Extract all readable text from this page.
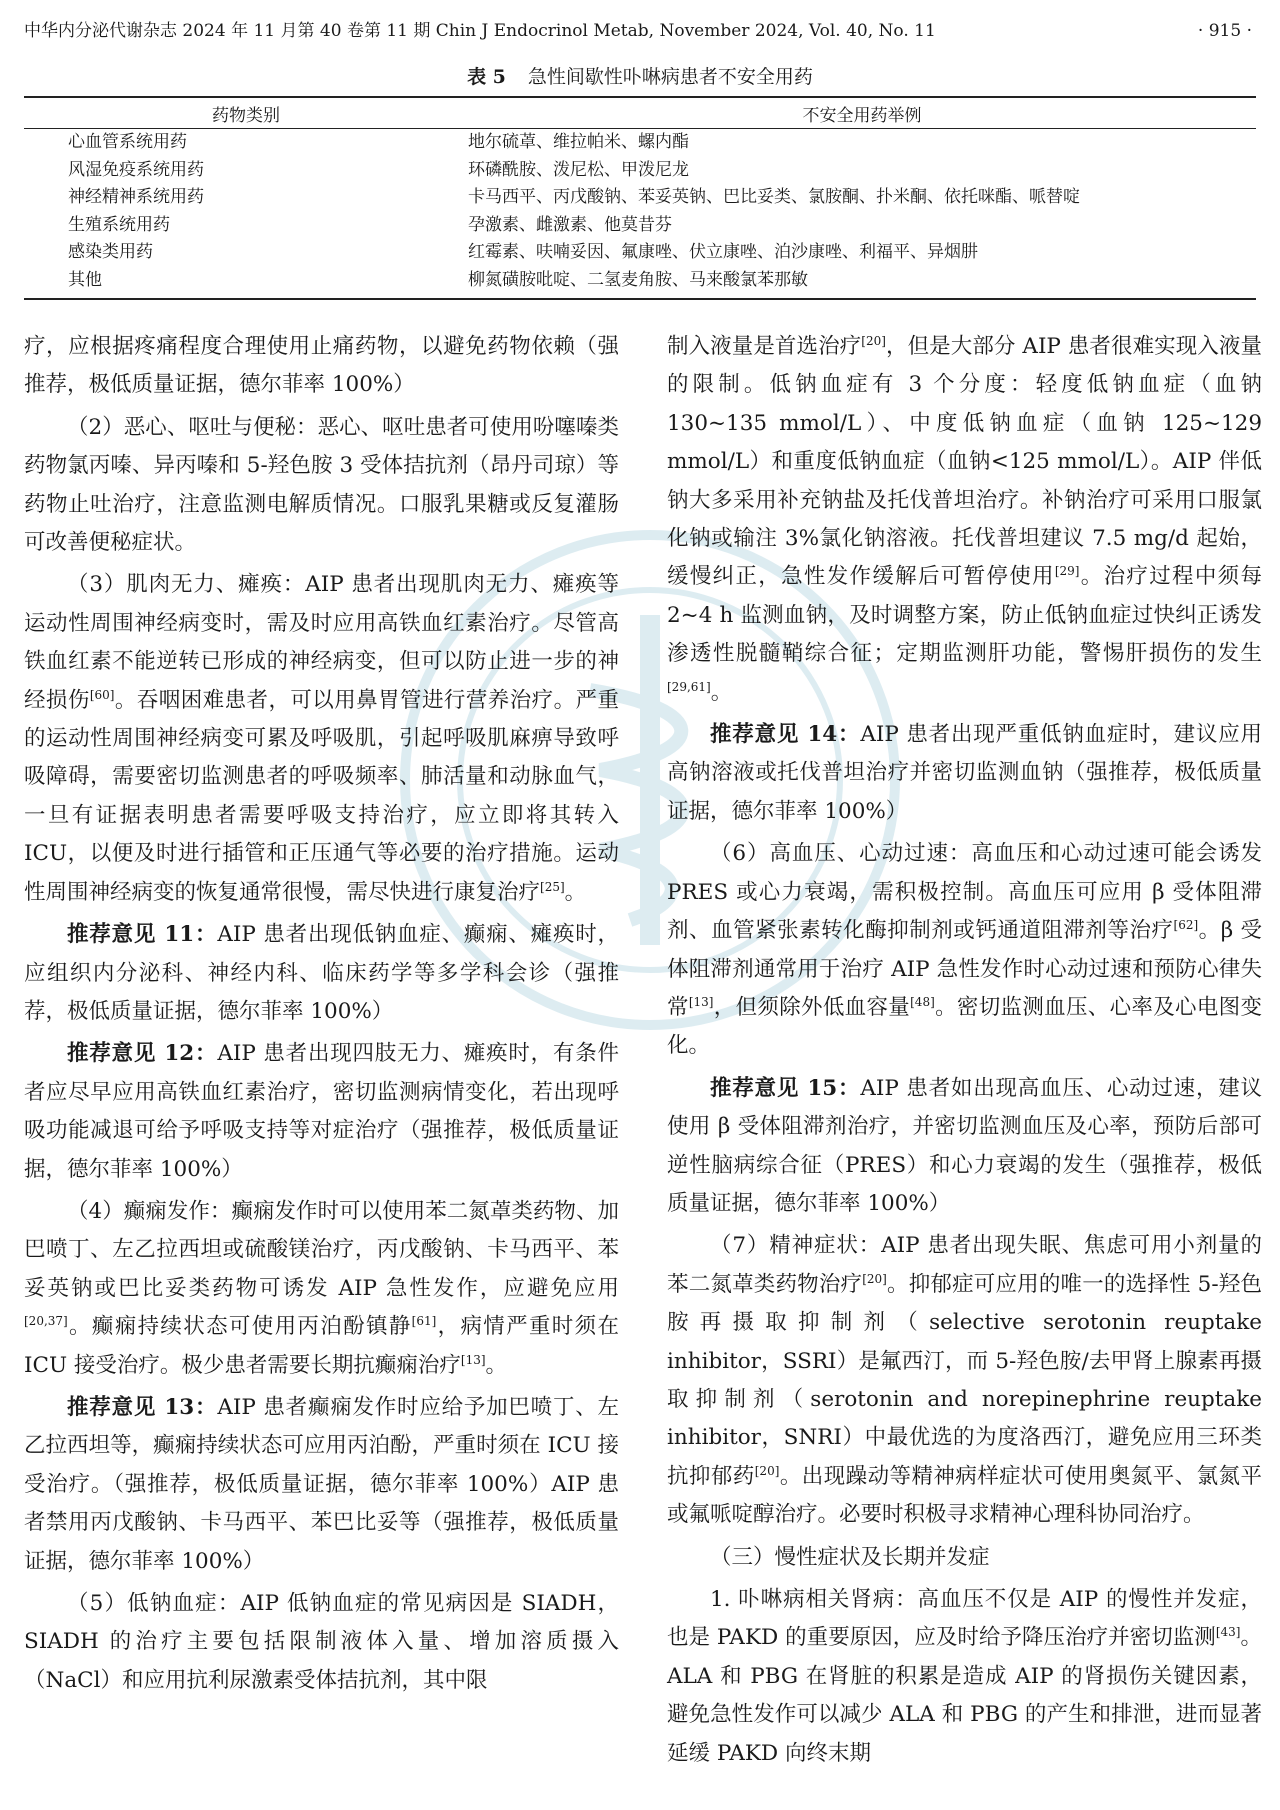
中华内分泌代谢杂志 2024 年 11 月第 40 卷第 11 期 Chin J Endocrinol Metab, November 2024, Vol. 40, No. 11	· 915 ·
表 5 急性间歇性卟啉病患者不安全用药
药物类别	不安全用药举例
心血管系统用药	地尔硫䓬、维拉帕米、螺内酯
风湿免疫系统用药	环磷酰胺、泼尼松、甲泼尼龙
神经精神系统用药	卡马西平、丙戊酸钠、苯妥英钠、巴比妥类、氯胺酮、扑米酮、依托咪酯、哌替啶
生殖系统用药	孕激素、雌激素、他莫昔芬
感染类用药	红霉素、呋喃妥因、氟康唑、伏立康唑、泊沙康唑、利福平、异烟肼
其他	柳氮磺胺吡啶、二氢麦角胺、马来酸氯苯那敏

疗，应根据疼痛程度合理使用止痛药物，以避免药物依赖（强推荐，极低质量证据，德尔菲率 100%）

（2）恶心、呕吐与便秘：恶心、呕吐患者可使用吩噻嗪类药物氯丙嗪、异丙嗪和 5-羟色胺 3 受体拮抗剂（昂丹司琼）等药物止吐治疗，注意监测电解质情况。口服乳果糖或反复灌肠可改善便秘症状。

（3）肌肉无力、瘫痪：AIP 患者出现肌肉无力、瘫痪等运动性周围神经病变时，需及时应用高铁血红素治疗。尽管高铁血红素不能逆转已形成的神经病变，但可以防止进一步的神经损伤[60]。吞咽困难患者，可以用鼻胃管进行营养治疗。严重的运动性周围神经病变可累及呼吸肌，引起呼吸肌麻痹导致呼吸障碍，需要密切监测患者的呼吸频率、肺活量和动脉血气，一旦有证据表明患者需要呼吸支持治疗，应立即将其转入 ICU，以便及时进行插管和正压通气等必要的治疗措施。运动性周围神经病变的恢复通常很慢，需尽快进行康复治疗[25]。

推荐意见 11：AIP 患者出现低钠血症、癫痫、瘫痪时，应组织内分泌科、神经内科、临床药学等多学科会诊（强推荐，极低质量证据，德尔菲率 100%）

推荐意见 12：AIP 患者出现四肢无力、瘫痪时，有条件者应尽早应用高铁血红素治疗，密切监测病情变化，若出现呼吸功能减退可给予呼吸支持等对症治疗（强推荐，极低质量证据，德尔菲率 100%）

（4）癫痫发作：癫痫发作时可以使用苯二氮䓬类药物、加巴喷丁、左乙拉西坦或硫酸镁治疗，丙戊酸钠、卡马西平、苯妥英钠或巴比妥类药物可诱发 AIP 急性发作，应避免应用[20,37]。癫痫持续状态可使用丙泊酚镇静[61]，病情严重时须在 ICU 接受治疗。极少患者需要长期抗癫痫治疗[13]。

推荐意见 13：AIP 患者癫痫发作时应给予加巴喷丁、左乙拉西坦等，癫痫持续状态可应用丙泊酚，严重时须在 ICU 接受治疗。（强推荐，极低质量证据，德尔菲率 100%）AIP 患者禁用丙戊酸钠、卡马西平、苯巴比妥等（强推荐，极低质量证据，德尔菲率 100%）

（5）低钠血症：AIP 低钠血症的常见病因是 SIADH，SIADH 的治疗主要包括限制液体入量、增加溶质摄入（NaCl）和应用抗利尿激素受体拮抗剂，其中限

制入液量是首选治疗[20]，但是大部分 AIP 患者很难实现入液量的限制。低钠血症有 3 个分度：轻度低钠血症（血钠 130~135 mmol/L）、中度低钠血症（血钠 125~129 mmol/L）和重度低钠血症（血钠<125 mmol/L）。AIP 伴低钠大多采用补充钠盐及托伐普坦治疗。补钠治疗可采用口服氯化钠或输注 3%氯化钠溶液。托伐普坦建议 7.5 mg/d 起始，缓慢纠正，急性发作缓解后可暂停使用[29]。治疗过程中须每 2~4 h 监测血钠，及时调整方案，防止低钠血症过快纠正诱发渗透性脱髓鞘综合征；定期监测肝功能，警惕肝损伤的发生[29,61]。

推荐意见 14：AIP 患者出现严重低钠血症时，建议应用高钠溶液或托伐普坦治疗并密切监测血钠（强推荐，极低质量证据，德尔菲率 100%）

（6）高血压、心动过速：高血压和心动过速可能会诱发 PRES 或心力衰竭，需积极控制。高血压可应用 β 受体阻滞剂、血管紧张素转化酶抑制剂或钙通道阻滞剂等治疗[62]。β 受体阻滞剂通常用于治疗 AIP 急性发作时心动过速和预防心律失常[13]，但须除外低血容量[48]。密切监测血压、心率及心电图变化。

推荐意见 15：AIP 患者如出现高血压、心动过速，建议使用 β 受体阻滞剂治疗，并密切监测血压及心率，预防后部可逆性脑病综合征（PRES）和心力衰竭的发生（强推荐，极低质量证据，德尔菲率 100%）

（7）精神症状：AIP 患者出现失眠、焦虑可用小剂量的苯二氮䓬类药物治疗[20]。抑郁症可应用的唯一的选择性 5-羟色胺再摄取抑制剂（selective serotonin reuptake inhibitor，SSRI）是氟西汀，而 5-羟色胺/去甲肾上腺素再摄取抑制剂（serotonin and norepinephrine reuptake inhibitor，SNRI）中最优选的为度洛西汀，避免应用三环类抗抑郁药[20]。出现躁动等精神病样症状可使用奥氮平、氯氮平或氟哌啶醇治疗。必要时积极寻求精神心理科协同治疗。

（三）慢性症状及长期并发症

1. 卟啉病相关肾病：高血压不仅是 AIP 的慢性并发症，也是 PAKD 的重要原因，应及时给予降压治疗并密切监测[43]。ALA 和 PBG 在肾脏的积累是造成 AIP 的肾损伤关键因素，避免急性发作可以减少 ALA 和 PBG 的产生和排泄，进而显著延缓 PAKD 向终末期
